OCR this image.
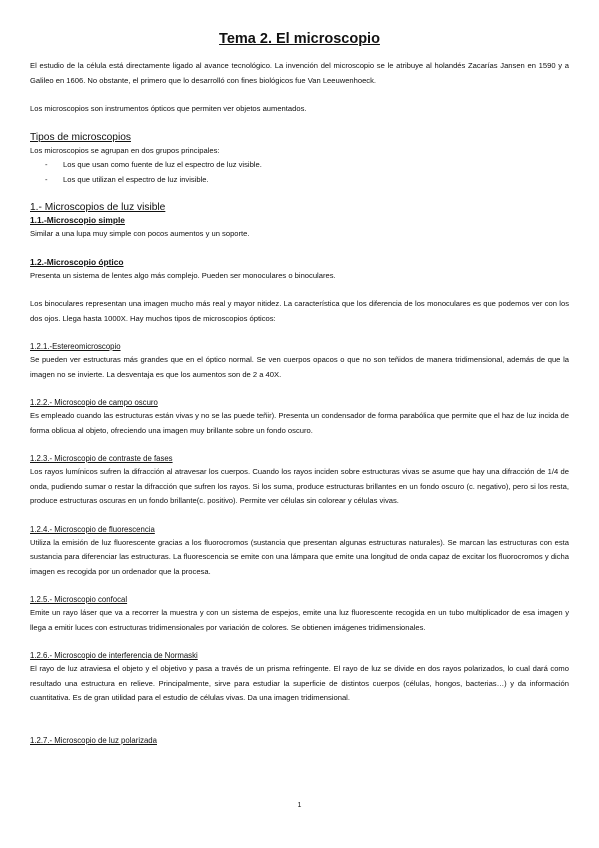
Tema 2. El microscopio

El estudio de la célula está directamente ligado al avance tecnológico. La invención del microscopio se le atribuye al holandés Zacarías Jansen en 1590 y a Galileo en 1606. No obstante, el primero que lo desarrolló con fines biológicos fue Van Leeuwenhoeck.

Los microscopios son instrumentos ópticos que permiten ver objetos aumentados.

Tipos de microscopios

Los microscopios se agrupan en dos grupos principales:

- Los que usan como fuente de luz el espectro de luz visible.
- Los que utilizan el espectro de luz invisible.
1.- Microscopios de luz visible
1.1.-Microscopio simple

Similar a una lupa muy simple con pocos aumentos y un soporte.

1.2.-Microscopio óptico

Presenta un sistema de lentes algo más complejo. Pueden ser monoculares o binoculares.

Los binoculares representan una imagen mucho más real y mayor nitidez. La característica que los diferencia de los monoculares es que podemos ver con los dos ojos. Llega hasta 1000X. Hay muchos tipos de microscopios ópticos:

1.2.1.-Estereomicroscopio

Se pueden ver estructuras más grandes que en el óptico normal. Se ven cuerpos opacos o que no son teñidos de manera tridimensional, además de que la imagen no se invierte. La desventaja es que los aumentos son de 2 a 40X.

1.2.2.- Microscopio de campo oscuro

Es empleado cuando las estructuras están vivas y no se las puede teñir). Presenta un condensador de forma parabólica que permite que el haz de luz incida de forma oblicua al objeto, ofreciendo una imagen muy brillante sobre un fondo oscuro.

1.2.3.- Microscopio de contraste de fases

Los rayos lumínicos sufren la difracción al atravesar los cuerpos. Cuando los rayos inciden sobre estructuras vivas se asume que hay una difracción de 1/4 de onda, pudiendo sumar o restar la difracción que sufren los rayos. Si los suma, produce estructuras brillantes en un fondo oscuro (c. negativo), pero si los resta, produce estructuras oscuras en un fondo brillante(c. positivo). Permite ver células sin colorear y células vivas.

1.2.4.- Microscopio de fluorescencia

Utiliza la emisión de luz fluorescente gracias a los fluorocromos (sustancia que presentan algunas estructuras naturales). Se marcan las estructuras con esta sustancia para diferenciar las estructuras. La fluorescencia se emite con una lámpara que emite una longitud de onda capaz de excitar los fluorocromos y dicha imagen es recogida por un ordenador que la procesa.

1.2.5.- Microscopio confocal

Emite un rayo láser que va a recorrer la muestra y con un sistema de espejos, emite una luz fluorescente recogida en un tubo multiplicador de esa imagen y llega a emitir luces con estructuras tridimensionales por variación de colores. Se obtienen imágenes tridimensionales.

1.2.6.- Microscopio de interferencia de Normaski

El rayo de luz atraviesa el objeto y el objetivo y pasa a través de un prisma refringente. El rayo de luz se divide en dos rayos polarizados, lo cual dará como resultado una estructura en relieve. Principalmente, sirve para estudiar la superficie de distintos cuerpos (células, hongos, bacterias…) y da información cuantitativa. Es de gran utilidad para el estudio de células vivas. Da una imagen tridimensional.

1.2.7.- Microscopio de luz polarizada
1
